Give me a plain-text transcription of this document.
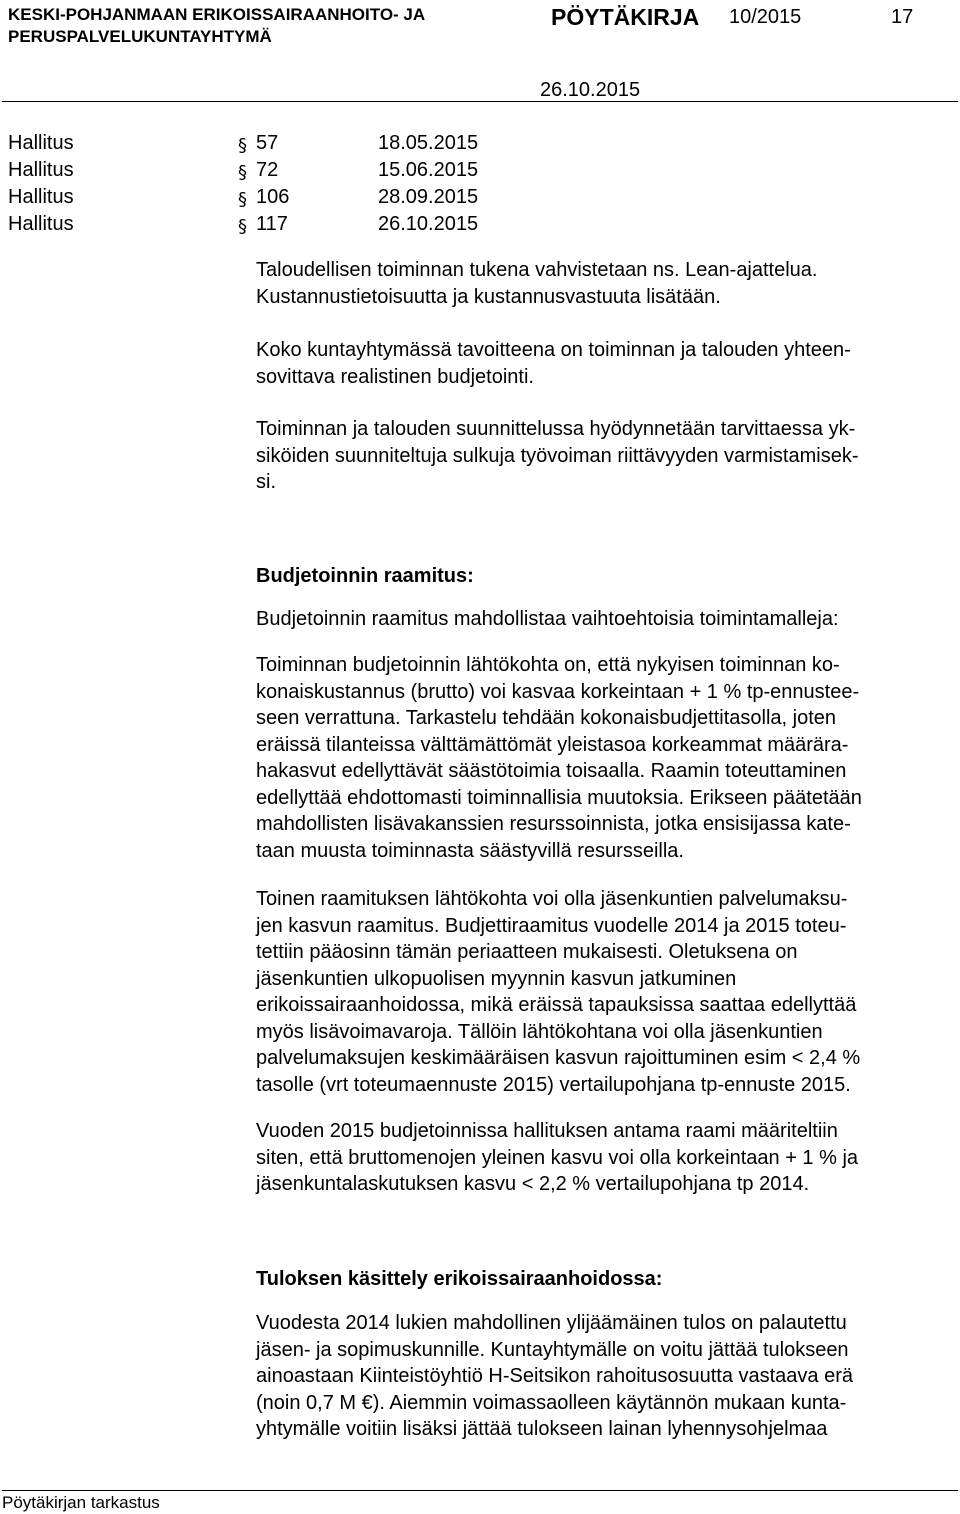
KESKI-POHJANMAAN ERIKOISSAIRAANHOITO- JA
PERUSPALVELUKUNTAYHTYMÄ
PÖYTÄKIRJA 10/2015	17
26.10.2015
Hallitus	§ 57	18.05.2015
Hallitus	§ 72	15.06.2015
Hallitus	§ 106	28.09.2015
Hallitus	§ 117	26.10.2015
Taloudellisen toiminnan tukena vahvistetaan ns. Lean-ajattelua.
Kustannustietoisuutta ja kustannusvastuuta lisätään.
Koko kuntayhtymässä tavoitteena on toiminnan ja talouden yhteen-
sovittava realistinen budjetointi.
Toiminnan ja talouden suunnittelussa hyödynnetään tarvittaessa yk-
siköiden suunniteltuja sulkuja työvoiman riittävyyden varmistamisek-
si.
Budjetoinnin raamitus:
Budjetoinnin raamitus mahdollistaa vaihtoehtoisia toimintamalleja:
Toiminnan budjetoinnin lähtökohta on, että nykyisen toiminnan ko-
konaiskustannus (brutto) voi kasvaa korkeintaan + 1 % tp-ennustee-
seen verrattuna. Tarkastelu tehdään kokonaisbudjettitasolla, joten
eräissä tilanteissa välttämättömät yleistasoa korkeammat määrära-
hakasvut edellyttävät säästötoimia toisaalla. Raamin toteuttaminen
edellyttää ehdottomasti toiminnallisia muutoksia. Erikseen päätetään
mahdollisten lisävakanssien resurssoinnista, jotka ensisijassa kate-
taan muusta toiminnasta säästyvillä resursseilla.
Toinen raamituksen lähtökohta voi olla jäsenkuntien palvelumaksu-
jen kasvun raamitus. Budjettiraamitus vuodelle 2014 ja 2015 toteu-
tettiin pääosinn tämän periaatteen mukaisesti. Oletuksena on
jäsenkuntien ulkopuolisen myynnin kasvun jatkuminen
erikoissairaanhoidossa, mikä eräissä tapauksissa saattaa edellyttää
myös lisävoimavaroja. Tällöin lähtökohtana voi olla jäsenkuntien
palvelumaksujen keskimääräisen kasvun rajoittuminen esim < 2,4 %
tasolle (vrt toteumaennuste 2015) vertailupohjana tp-ennuste 2015.
Vuoden 2015 budjetoinnissa hallituksen antama raami määriteltiin
siten, että bruttomenojen yleinen kasvu voi olla korkeintaan + 1 % ja
jäsenkuntalaskutuksen kasvu < 2,2 % vertailupohjana tp 2014.
Tuloksen käsittely erikoissairaanhoidossa:
Vuodesta 2014 lukien mahdollinen ylijäämäinen tulos on palautettu
jäsen- ja sopimuskunnille. Kuntayhtymälle on voitu jättää tulokseen
ainoastaan Kiinteistöyhtiö H-Seitsikon rahoitusosuutta vastaava erä
(noin 0,7 M €). Aiemmin voimassaolleen käytännön mukaan kunta-
yhtymälle voitiin lisäksi jättää tulokseen lainan lyhennysohjelmaa
Pöytäkirjan tarkastus
